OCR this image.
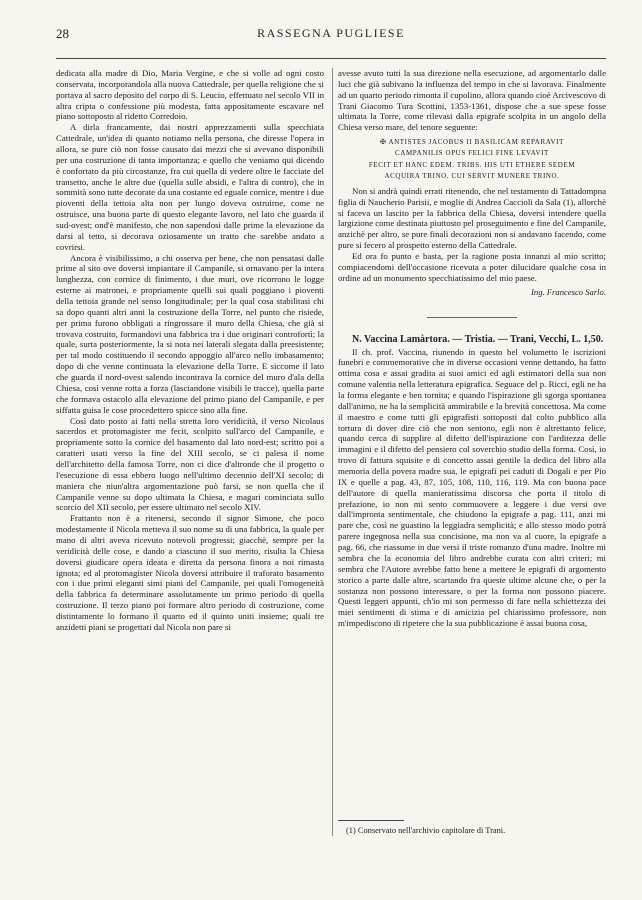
28	RASSEGNA PUGLIESE

dedicata alla madre di Dio, Maria Vergine, e che si volle ad ogni costo conservata, incorporandola alla nuova Cattedrale, per quella religione che si portava al sacro deposito del corpo di S. Leucio, effettuato nel secolo VII in altra cripta o confessione più modesta, fatta appositamente escavare nel piano sottoposto al ridetto Corredoio.

A dirla francamente, dai nostri apprezzamenti sulla specchiata Cattedrale, un'idea di quanto notiamo nella persona, che diresse l'opera in allora, se pure ciò non fosse causato dai mezzi che si avevano disponibili per una costruzione di tanta importanza; e quello che veniamo qui dicendo è confortato da più circostanze, fra cui quella di vedere oltre le facciate del transetto, anche le altre due (quella sulle absidi, e l'altra di contro), che in sommità sono tutte decorate da una costante ed eguale cornice, mentre i due pioventi della tettoia alta non per lungo doveva ostruirne, come ne ostruisce, una buona parte di questo elegante lavoro, nel lato che guarda il sud-ovest; ond'è manifesto, che non sapendosi dalle prime la elevazione da darsi al tetto, si decorava oziosamente un tratto che sarebbe andato a covrirsi.

Ancora è visibilissimo, a chi osserva per bene, che non pensatasi dalle prime al sito ove doversi impiantare il Campanile, si ornavano per la intera lunghezza, con cornice di finimento, i due muri, ove ricorrono le logge esterne ai matronei, e propriamente quelli sui quali poggiano i pioventi della tettoia grande nel senso longitudinale; per la qual cosa stabilitasi chi sa dopo quanti altri anni la costruzione della Torre, nel punto che risiede, per prima furono obbligati a ringrossare il muro della Chiesa, che già si trovava costruito, formandovi una fabbrica tra i due originari controfortì; la quale, surta posteriormente, la si nota nei laterali slegata dalla preesistente; per tal modo costituendo il secondo appoggio all'arco nello imbasamento; dopo di che venne continuata la elevazione della Torre. E siccome il lato che guarda il nord-ovest salendo incontrava la cornice del muro d'ala della Chiesa, così venne rotta a forza (lasciandone visibili le tracce), quella parte che formava ostacolo alla elevazione del primo piano del Campanile, e per siffatta guisa le cose procedettero spicce sino alla fine.

Così dato posto ai fatti nella stretta loro veridicità, il verso Nicolaus sacerdos et protomagister me fecit, scolpito sull'arco del Campanile, e propriamente sotto la cornice del basamento dal lato nord-est; scritto poi a caratteri usati verso la fine del XIII secolo, se ci palesa il nome dell'architetto della famosa Torre, non ci dice d'altronde che il progetto o l'esecuzione di essa ebbero luogo nell'ultimo decennio dell'XI secolo; di maniera che niun'altra argomentazione può farsi, se non quella che il Campanile venne su dopo ultimata la Chiesa, e magari cominciata sullo scorcio del XII secolo, per essere ultimato nel secolo XIV.

Frattanto non è a ritenersi, secondo il signor Simone, che poco modestamente il Nicola metteva il suo nome su di una fabbrica, la quale per mano di altri aveva ricevuto notevoli progressi; giacchè, sempre per la veridicità delle cose, e dando a ciascuno il suo merito, risulta la Chiesa doversi giudicare opera ideata e diretta da persona finora a noi rimasta ignota; ed al protomagister Nicola doversi attribuire il traforato basamento con i due primi eleganti simi piani del Campanile, pei quali l'omogeneità della fabbrica fa determinare assolutamente un primo periodo di quella costruzione. Il terzo piano poi formare altro periodo di costruzione, come distintamente lo formano il quarto ed il quinto uniti insieme; quali tre anzidetti piani se progettati dal Nicola non pare si

avesse avuto tutti la sua direzione nella esecuzione, ad argomentarlo dalle luci che già subivano la influenza del tempo in che si lavorava. Finalmente ad un quarto periodo rimonta il cupolino, allora quando cioè Arcivescovo di Trani Giacomo Tura Scottini, 1353-1361, dispose che a sue spese fosse ultimata la Torre, come rilevasi dalla epigrafe scolpita in un angolo della Chiesa verso mare, del tenore seguente:

✠ ANTISTES JACOBUS II BASILICAM REPARAVIT
CAMPANILIS OPUS FELICI FINE LEVAVIT
FECIT ET HANC EDEM. TRIBS. HIS UTI ETHERE SEDEM
ACQUIRA TRINO. CUI SERVIT MUNERE TRINO.

Non si andrà quindi errati ritenendo, che nel testamento di Tattadompna figlia di Naucherio Parisii, e moglie di Andrea Caccioli da Sala (1), allorchè si faceva un lascito per la fabbrica della Chiesa, doversi intendere quella largizione come destinata piuttosto pel proseguimento e fine del Campanile, anzichè per altro, se pure finali decorazioni non si andavano facendo, come pure si fecero al prospetto esterno della Cattedrale.

Ed ora fo punto e basta, per la ragione posta innanzi al mio scritto; compiacendomi dell'occasione ricevuta a poter dilucidare qualche cosa in ordine ad un monumento specchiatissimo del mio paese.

Ing. Francesco Sarlo.

N. Vaccina Lamàrtora. — Tristia. — Trani, Vecchi, L. 1,50.

Il ch. prof. Vaccina, riunendo in questo bel volumetto le iscrizioni funebri e commemorative che in diverse occasioni venne dettando, ha fatto ottima cosa e assai gradita ai suoi amici ed agli estimatori della sua non comune valentia nella letteratura epigrafica. Seguace del p. Ricci, egli ne ha la forma elegante e ben tornita; e quando l'ispirazione gli sgorga spontanea dall'animo, ne ha la semplicità ammirabile e la brevità concettosa. Ma come il maestro e come tutti gli epigrafisti sottoposti dal colto pubblico alla tortura di dover dire ciò che non sentono, egli non è altrettanto felice, quando cerca di supplire al difetto dell'ispirazione con l'arditezza delle immagini e il difetto del pensiero col soverchio studio della forma. Così, io trovo di fattura squisite e di concetto assai gentile la dedica del libro alla memoria della povera madre sua, le epigrafi pei caduti di Dogali e per Pio IX e quelle a pag. 43, 87, 105, 108, 110, 116, 119. Ma con buona pace dell'autore di quella manieratissima discorsa che porta il titolo di prefazione, io non mi sento commuovere a leggere i due versi ove dall'impronta sentimentale, che chiudono la epigrafe a pag. 111, anzi mi pare che, così ne guastino la leggiadra semplicità; e allo stesso modo potrà parere ingegnosa nella sua concisione, ma non va al cuore, la epigrafe a pag. 66, che riassume in due versi il triste romanzo d'una madre. Inoltre mi sembra che la economia del libro andrebbe curata con altri criteri; mi sembra che l'Autore avrebbe fatto bene a mettere le epigrafi di argomento storico a parte dalle altre, scartando fra queste ultime alcune che, o per la sostanza non possono interessare, o per la forma non possono piacere. Questi leggeri appunti, ch'io mi son permesso di fare nella schiettezza dei miei sentimenti di stima e di amicizia pel chiarissimo professore, non m'impediscono di ripetere che la sua pubblicazione è assai buona cosa,

(1) Conservato nell'archivio capitolare di Trani.
